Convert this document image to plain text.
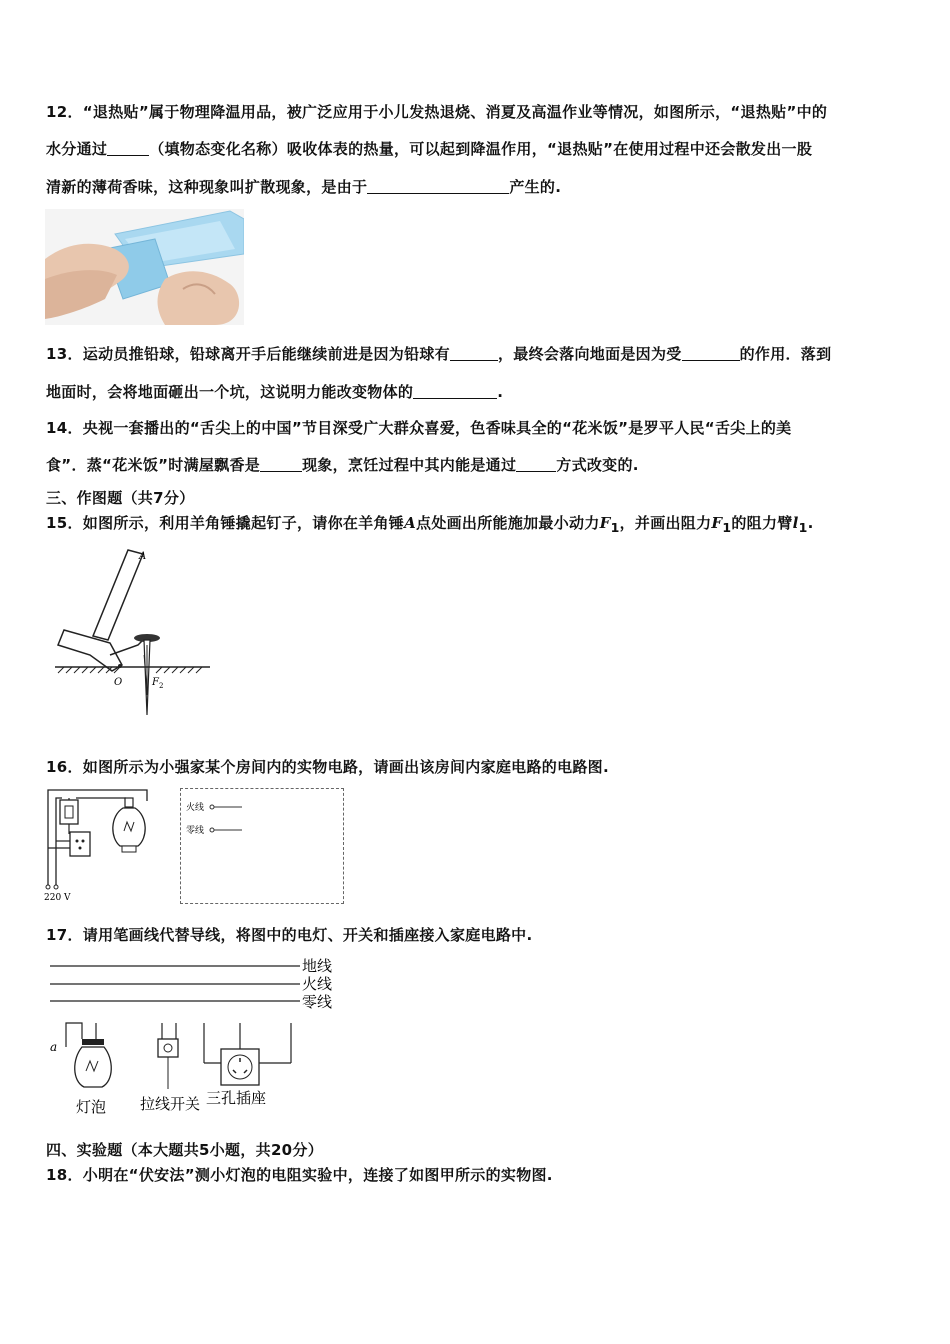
12．“退热贴”属于物理降温用品，被广泛应用于小儿发热退烧、消夏及高温作业等情况，如图所示，“退热贴”中的
水分通过	（填物态变化名称）吸收体表的热量，可以起到降温作用，“退热贴”在使用过程中还会散发出一股
清新的薄荷香味，这种现象叫扩散现象，是由于	产生的.
13．运动员推铅球，铅球离开手后能继续前进是因为铅球有	，最终会落向地面是因为受	的作用．落到
地面时，会将地面砸出一个坑，这说明力能改变物体的	.
14．央视一套播出的“舌尖上的中国”节目深受广大群众喜爱，色香味具全的“花米饭”是罗平人民“舌尖上的美
食”．蒸“花米饭”时满屋飘香是	现象，烹饪过程中其内能是通过	方式改变的.
三、作图题（共7分）
15．如图所示，利用羊角锤撬起钉子，请你在羊角锤A点处画出所能施加最小动力$F_1$，并画出阻力$F_1$的阻力臂$l_1$.
A
O	F 2
16．如图所示为小强家某个房间内的实物电路，请画出该房间内家庭电路的电路图.
220 V
火线
零线
17．请用笔画线代替导线，将图中的电灯、开关和插座接入家庭电路中.
地线
火线
零线
a
灯泡 拉线开关 三孔插座
四、实验题（本大题共5小题，共20分）
18．小明在“伏安法”测小灯泡的电阻实验中，连接了如图甲所示的实物图.
